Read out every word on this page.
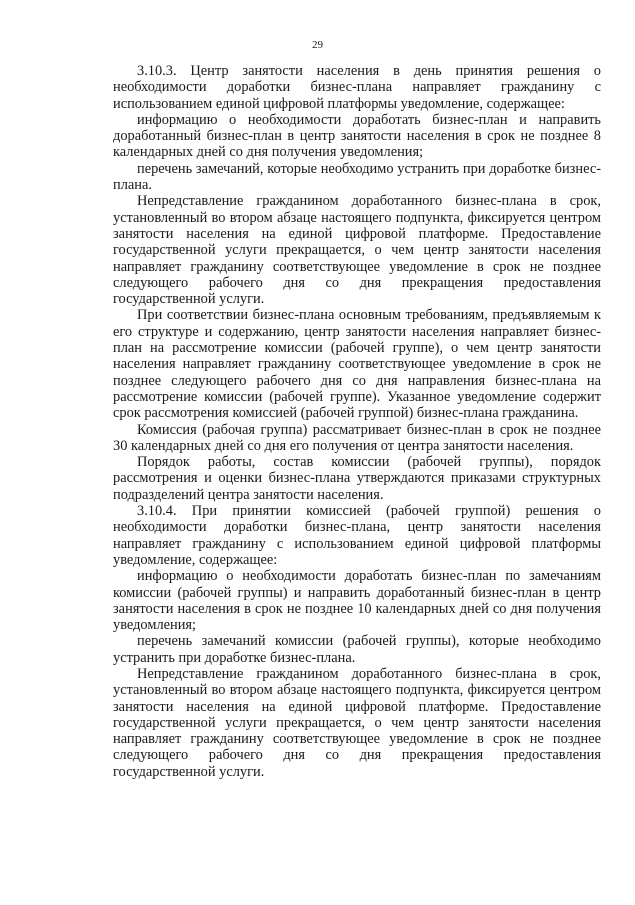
29

3.10.3. Центр занятости населения в день принятия решения о необходимости доработки бизнес-плана направляет гражданину с использованием единой цифровой платформы уведомление, содержащее:

информацию о необходимости доработать бизнес-план и направить доработанный бизнес-план в центр занятости населения в срок не позднее 8 календарных дней со дня получения уведомления;

перечень замечаний, которые необходимо устранить при доработке бизнес-плана.

Непредставление гражданином доработанного бизнес-плана в срок, установленный во втором абзаце настоящего подпункта, фиксируется центром занятости населения на единой цифровой платформе. Предоставление государственной услуги прекращается, о чем центр занятости населения направляет гражданину соответствующее уведомление в срок не позднее следующего рабочего дня со дня прекращения предоставления государственной услуги.

При соответствии бизнес-плана основным требованиям, предъявляемым к его структуре и содержанию, центр занятости населения направляет бизнес-план на рассмотрение комиссии (рабочей группе), о чем центр занятости населения направляет гражданину соответствующее уведомление в срок не позднее следующего рабочего дня со дня направления бизнес-плана на рассмотрение комиссии (рабочей группе). Указанное уведомление содержит срок рассмотрения комиссией (рабочей группой) бизнес-плана гражданина.

Комиссия (рабочая группа) рассматривает бизнес-план в срок не позднее 30 календарных дней со дня его получения от центра занятости населения.

Порядок работы, состав комиссии (рабочей группы), порядок рассмотрения и оценки бизнес-плана утверждаются приказами структурных подразделений центра занятости населения.

3.10.4. При принятии комиссией (рабочей группой) решения о необходимости доработки бизнес-плана, центр занятости населения направляет гражданину с использованием единой цифровой платформы уведомление, содержащее:

информацию о необходимости доработать бизнес-план по замечаниям комиссии (рабочей группы) и направить доработанный бизнес-план в центр занятости населения в срок не позднее 10 календарных дней со дня получения уведомления;

перечень замечаний комиссии (рабочей группы), которые необходимо устранить при доработке бизнес-плана.

Непредставление гражданином доработанного бизнес-плана в срок, установленный во втором абзаце настоящего подпункта, фиксируется центром занятости населения на единой цифровой платформе. Предоставление государственной услуги прекращается, о чем центр занятости населения направляет гражданину соответствующее уведомление в срок не позднее следующего рабочего дня со дня прекращения предоставления государственной услуги.
